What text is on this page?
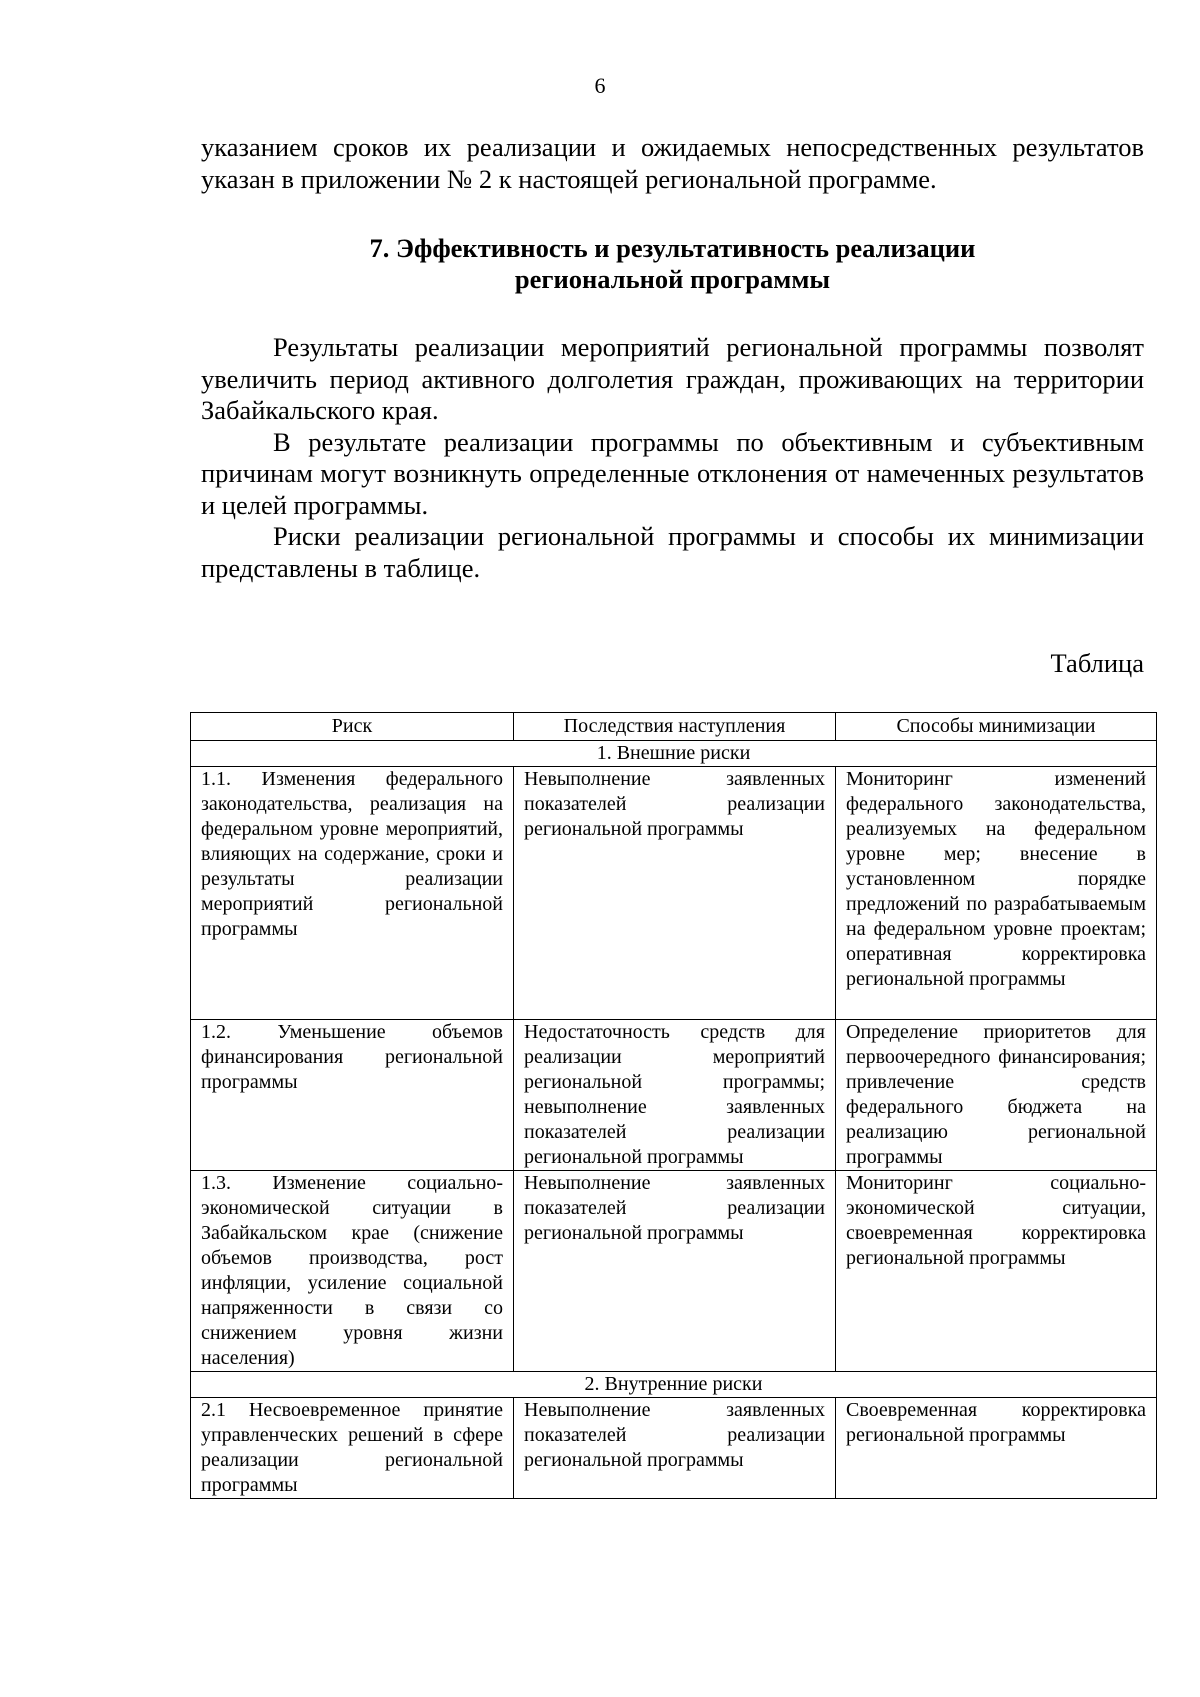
6

указанием сроков их реализации и ожидаемых непосредственных результатов указан в приложении № 2 к настоящей региональной программе.

7. Эффективность и результативность реализации
региональной программы

Результаты реализации мероприятий региональной программы позволят увеличить период активного долголетия граждан, проживающих на территории Забайкальского края.

В результате реализации программы по объективным и субъективным причинам могут возникнуть определенные отклонения от намеченных результатов и целей программы.

Риски реализации региональной программы и способы их минимизации представлены в таблице.

Таблица
Риск	Последствия наступления	Способы минимизации
1. Внешние риски		
1.1. Изменения федерального законодательства, реализация на федеральном уровне мероприятий, влияющих на содержание, сроки и результаты реализации мероприятий региональной программы	Невыполнение заявленных показателей реализации региональной программы	Мониторинг изменений федерального законодательства, реализуемых на федеральном уровне мер; внесение в установленном порядке предложений по разрабатываемым на федеральном уровне проектам; оперативная корректировка региональной программы
1.2. Уменьшение объемов финансирования региональной программы	Недостаточность средств для реализации мероприятий региональной программы; невыполнение заявленных показателей реализации региональной программы	Определение приоритетов для первоочередного финансирования; привлечение средств федерального бюджета на реализацию региональной программы
1.3. Изменение социально-экономической ситуации в Забайкальском крае (снижение объемов производства, рост инфляции, усиление социальной напряженности в связи со снижением уровня жизни населения)	Невыполнение заявленных показателей реализации региональной программы	Мониторинг социально-экономической ситуации, своевременная корректировка региональной программы
2. Внутренние риски		
2.1 Несвоевременное принятие управленческих решений в сфере реализации региональной программы	Невыполнение заявленных показателей реализации региональной программы	Своевременная корректировка региональной программы
